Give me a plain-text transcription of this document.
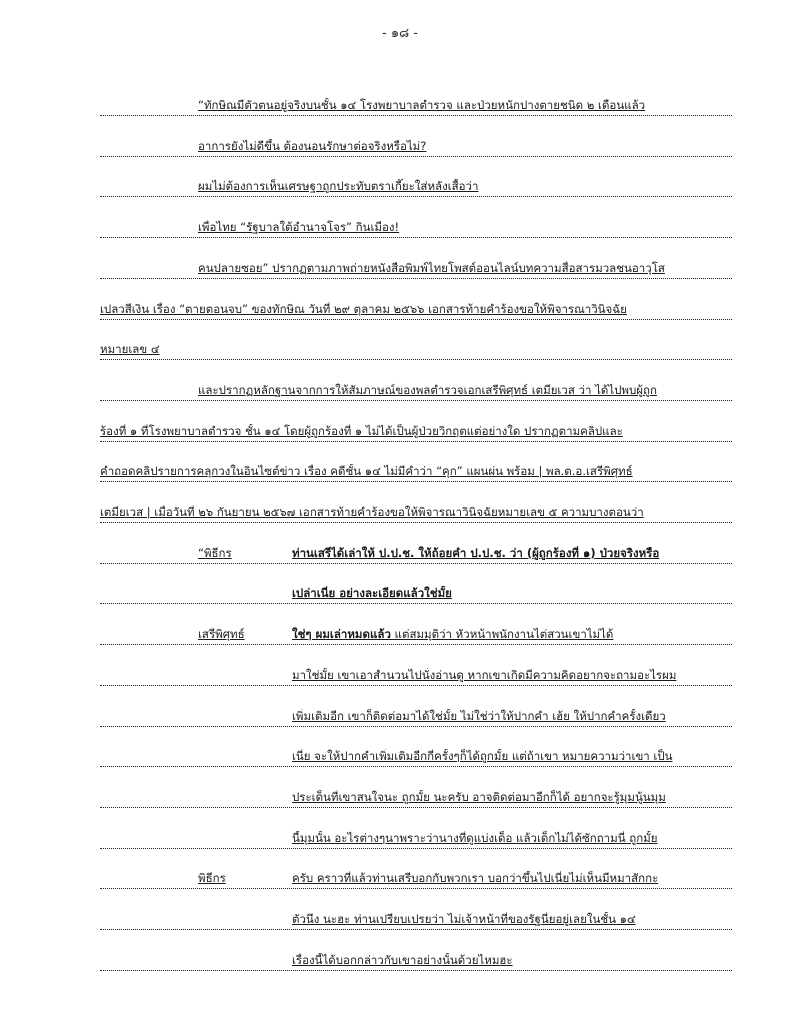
- ๑๘ -
“ทักษิณมีตัวตนอยู่จริงบนชั้น ๑๔ โรงพยาบาลตำรวจ และป่วยหนักปางตายชนิด ๒ เดือนแล้ว
อาการยังไม่ดีขึ้น ต้องนอนรักษาต่อจริงหรือไม่?
ผมไม่ต้องการเห็นเศรษฐาถูกประทับตราเกี๊ยะใส่หลังเสื้อว่า
เพื่อไทย “รัฐบาลใต้อำนาจโจร” กินเมือง!
คนปลายซอย” ปรากฏตามภาพถ่ายหนังสือพิมพ์ไทยโพสต์ออนไลน์บทความสื่อสารมวลชนอาวุโส
เปลวสีเงิน เรื่อง “ตายตอนจบ” ของทักษิณ วันที่ ๒๙ ตุลาคม ๒๕๖๖ เอกสารท้ายคำร้องขอให้พิจารณาวินิจฉัย
หมายเลข ๔
และปรากฏหลักฐานจากการให้สัมภาษณ์ของพลตำรวจเอกเสรีพิศุทธ์ เตมียเวส ว่า ได้ไปพบผู้ถูก
ร้องที่ ๑ ที่โรงพยาบาลตำรวจ ชั้น ๑๔ โดยผู้ถูกร้องที่ ๑ ไม่ได้เป็นผู้ป่วยวิกฤตแต่อย่างใด ปรากฏตามคลิปและ
คำถอดคลิปรายการคลุกวงในอินไซต์ข่าว เรื่อง คดีชั้น ๑๔ ไม่มีคำว่า “คุก” แผนผ่น พร้อม | พล.ต.อ.เสรีพิศุทธ์
เตมียเวส | เมื่อวันที่ ๒๖ กันยายน ๒๕๖๗ เอกสารท้ายคำร้องขอให้พิจารณาวินิจฉัยหมายเลข ๕ ความบางตอนว่า
“พิธีกร	ท่านเสรีได้เล่าให้ ป.ป.ช. ให้ถ้อยคำ ป.ป.ช. ว่า (ผู้ถูกร้องที่ ๑) ป่วยจริงหรือ
เปล่าเนี่ย อย่างละเอียดแล้วใช่มั้ย
เสรีพิศุทธ์	ใช่ๆ ผมเล่าหมดแล้ว แต่สมมุติว่า หัวหน้าพนักงานไต่สวนเขาไม่ได้
มาใช่มั้ย เขาเอาสำนวนไปนั่งอ่านดู หากเขาเกิดมีความคิดอยากจะถามอะไรผม
เพิ่มเติมอีก เขาก็ติดต่อมาได้ใช่มั้ย ไม่ใช่ว่าให้ปากคำ เฮ้ย ให้ปากคำครั้งเดียว
เนี่ย จะให้ปากคำเพิ่มเติมอีกกี่ครั้งๆก็ได้ถูกมั้ย แต่ถ้าเขา หมายความว่าเขา เป็น
ประเด็นที่เขาสนใจนะ ถูกมั้ย นะครับ อาจติดต่อมาอีกก็ได้ อยากจะรู้มุมนู้นมุม
นี้มุมนั้น อะไรต่างๆนาพราะว่านางที่ดูแบ่งเด็อ แล้วเด็กไม่ได้ซักถามนี่ ถูกมั้ย
พิธีกร	ครับ คราวที่แล้วท่านเสรีบอกกับพวกเรา บอกว่าขึ้นไปเนี่ยไม่เห็นมีหมาสักกะ
ตัวนึง นะฮะ ท่านเปรียบเปรยว่า ไม่เจ้าหน้าที่ของรัฐนี่ยอยู่เลยในชั้น ๑๔
เรื่องนี้ได้บอกกล่าวกับเขาอย่างนั้นด้วยไหมฮะ
